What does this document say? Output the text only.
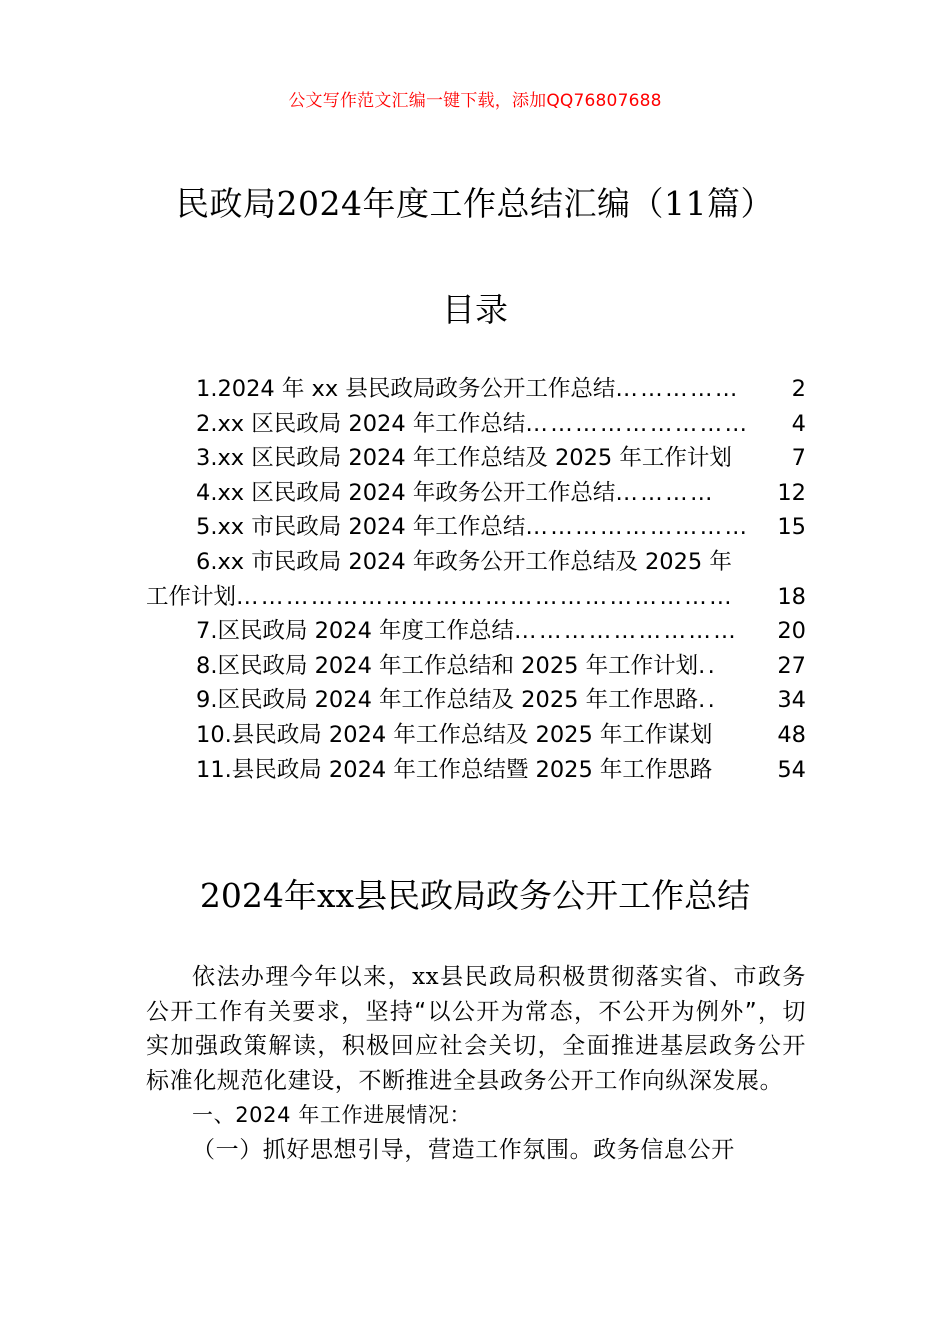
公文写作范文汇编一键下载，添加QQ76807688
民政局2024年度工作总结汇编（11篇）
目录
1.2024 年 xx 县民政局政务公开工作总结 ……………	2
2.xx 区民政局 2024 年工作总结 ………………………	4
3.xx 区民政局 2024 年工作总结及 2025 年工作计划	7
4.xx 区民政局 2024 年政务公开工作总结 …………	12
5.xx 市民政局 2024 年工作总结 ………………………	15
6.xx 市民政局 2024 年政务公开工作总结及 2025 年
工作计划 ……………………………………………………	18
7.区民政局 2024 年度工作总结 ………………………	20
8.区民政局 2024 年工作总结和 2025 年工作计划 ..	27
9.区民政局 2024 年工作总结及 2025 年工作思路 ..	34
10.县民政局 2024 年工作总结及 2025 年工作谋划	48
11.县民政局 2024 年工作总结暨 2025 年工作思路	54
2024年xx县民政局政务公开工作总结

依法办理今年以来，xx县民政局积极贯彻落实省、市政务公开工作有关要求，坚持“以公开为常态，不公开为例外”，切实加强政策解读，积极回应社会关切，全面推进基层政务公开标准化规范化建设，不断推进全县政务公开工作向纵深发展。

一、2024 年工作进展情况：

（一）抓好思想引导，营造工作氛围。政务信息公开
